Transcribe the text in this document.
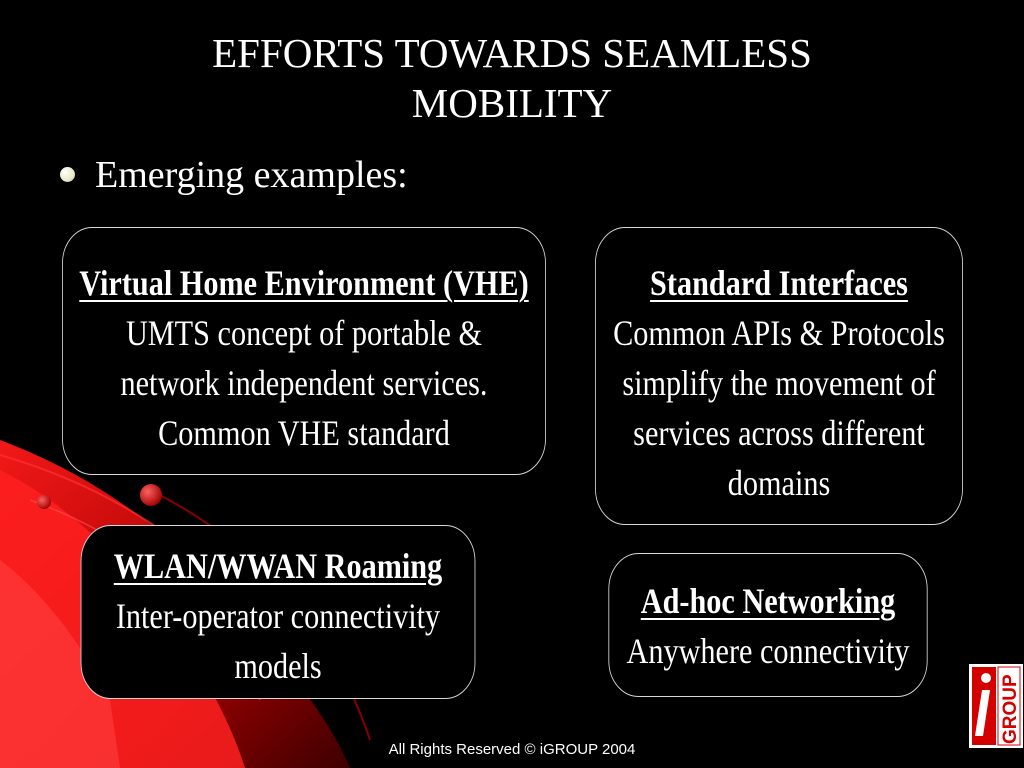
EFFORTS TOWARDS SEAMLESS
MOBILITY
Emerging examples:
Virtual Home Environment (VHE)
UMTS concept of portable &
network independent services.
Common VHE standard
Standard Interfaces
Common APIs & Protocols
simplify the movement of
services across different
domains
WLAN/WWAN Roaming
Inter-operator connectivity
models
Ad-hoc Networking
Anywhere connectivity
All Rights Reserved © iGROUP 2004
GROUP
